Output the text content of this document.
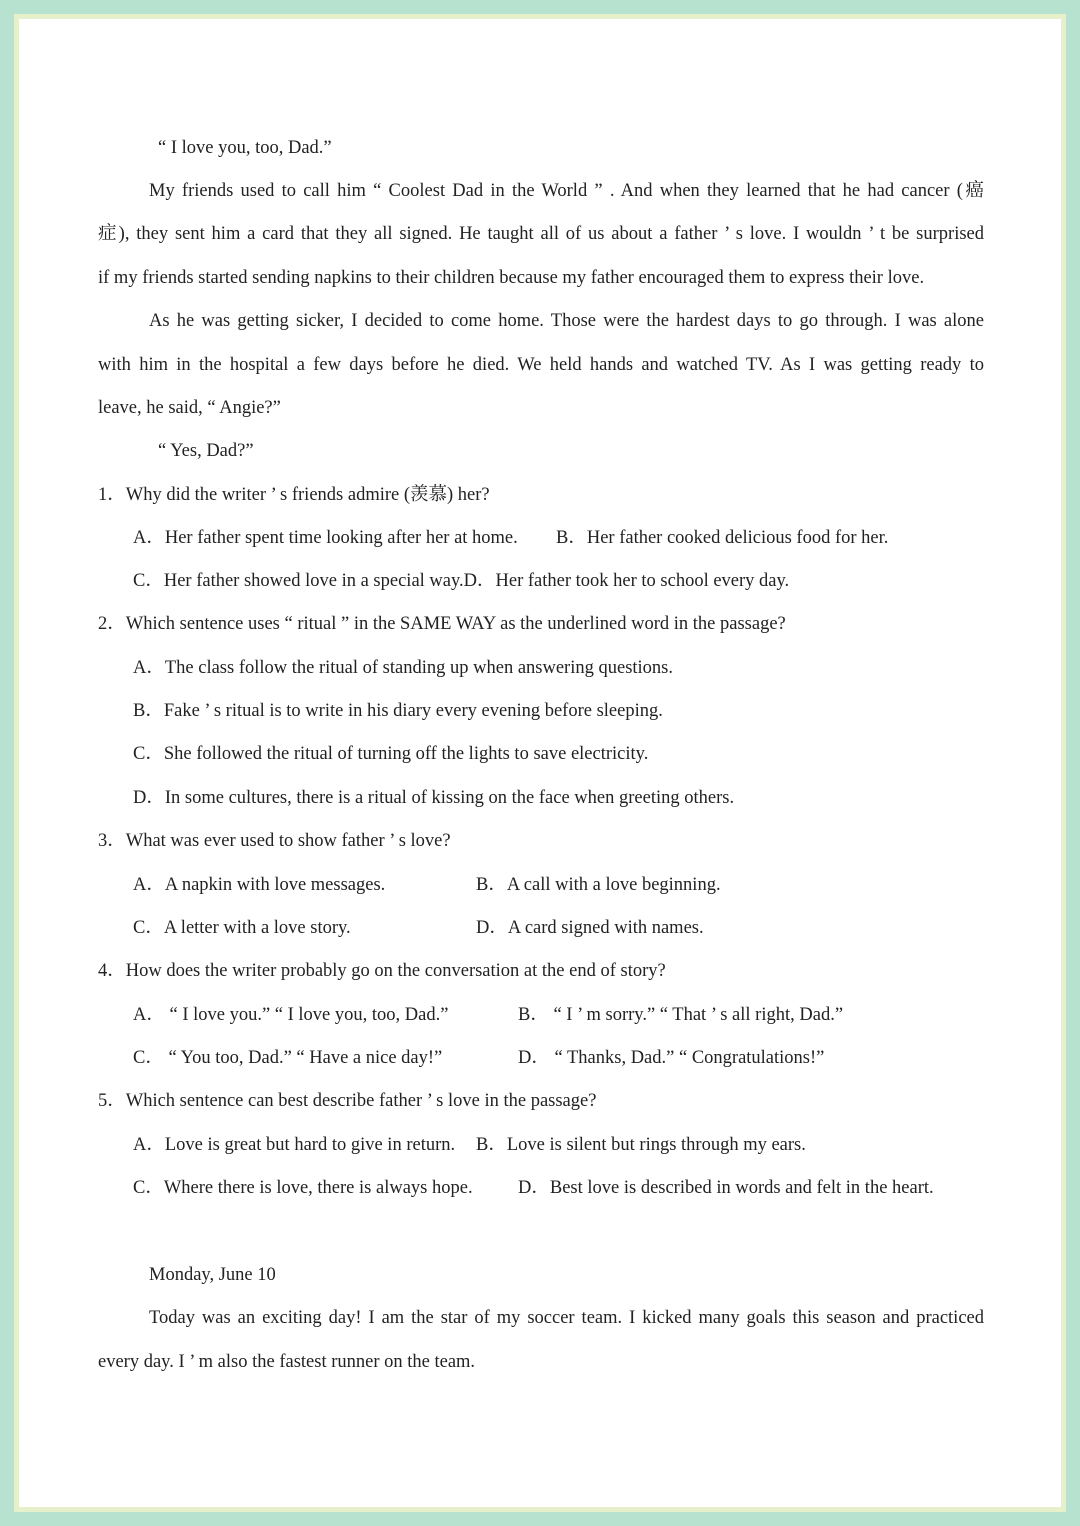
“ I love you, too, Dad.”
My friends used to call him “ Coolest Dad in the World ” . And when they learned that he had cancer (癌
症), they sent him a card that they all signed. He taught all of us about a father ’ s love. I wouldn ’ t be surprised
if my friends started sending napkins to their children because my father encouraged them to express their love.
As he was getting sicker, I decided to come home. Those were the hardest days to go through. I was alone
with him in the hospital a few days before he died. We held hands and watched TV. As I was getting ready to
leave, he said, “ Angie?”
“ Yes, Dad?”
1．Why did the writer ’ s friends admire (羡慕) her?
A．Her father spent time looking after her at home. B．Her father cooked delicious food for her.
C．Her father showed love in a special way.D．Her father took her to school every day.
2．Which sentence uses “ ritual ” in the SAME WAY as the underlined word in the passage?
A．The class follow the ritual of standing up when answering questions.
B．Fake ’ s ritual is to write in his diary every evening before sleeping.
C．She followed the ritual of turning off the lights to save electricity.
D．In some cultures, there is a ritual of kissing on the face when greeting others.
3．What was ever used to show father ’ s love?
A．A napkin with love messages.	B．A call with a love beginning.
C．A letter with a love story.	D．A card signed with names.
4．How does the writer probably go on the conversation at the end of story?
A． “ I love you.” “ I love you, too, Dad.”	B． “ I ’ m sorry.” “ That ’ s all right, Dad.”
C． “ You too, Dad.” “ Have a nice day!”	D． “ Thanks, Dad.” “ Congratulations!”
5．Which sentence can best describe father ’ s love in the passage?
A．Love is great but hard to give in return. B．Love is silent but rings through my ears.
C．Where there is love, there is always hope. D．Best love is described in words and felt in the heart.
Monday, June 10
Today was an exciting day! I am the star of my soccer team. I kicked many goals this season and practiced
every day. I ’ m also the fastest runner on the team.
